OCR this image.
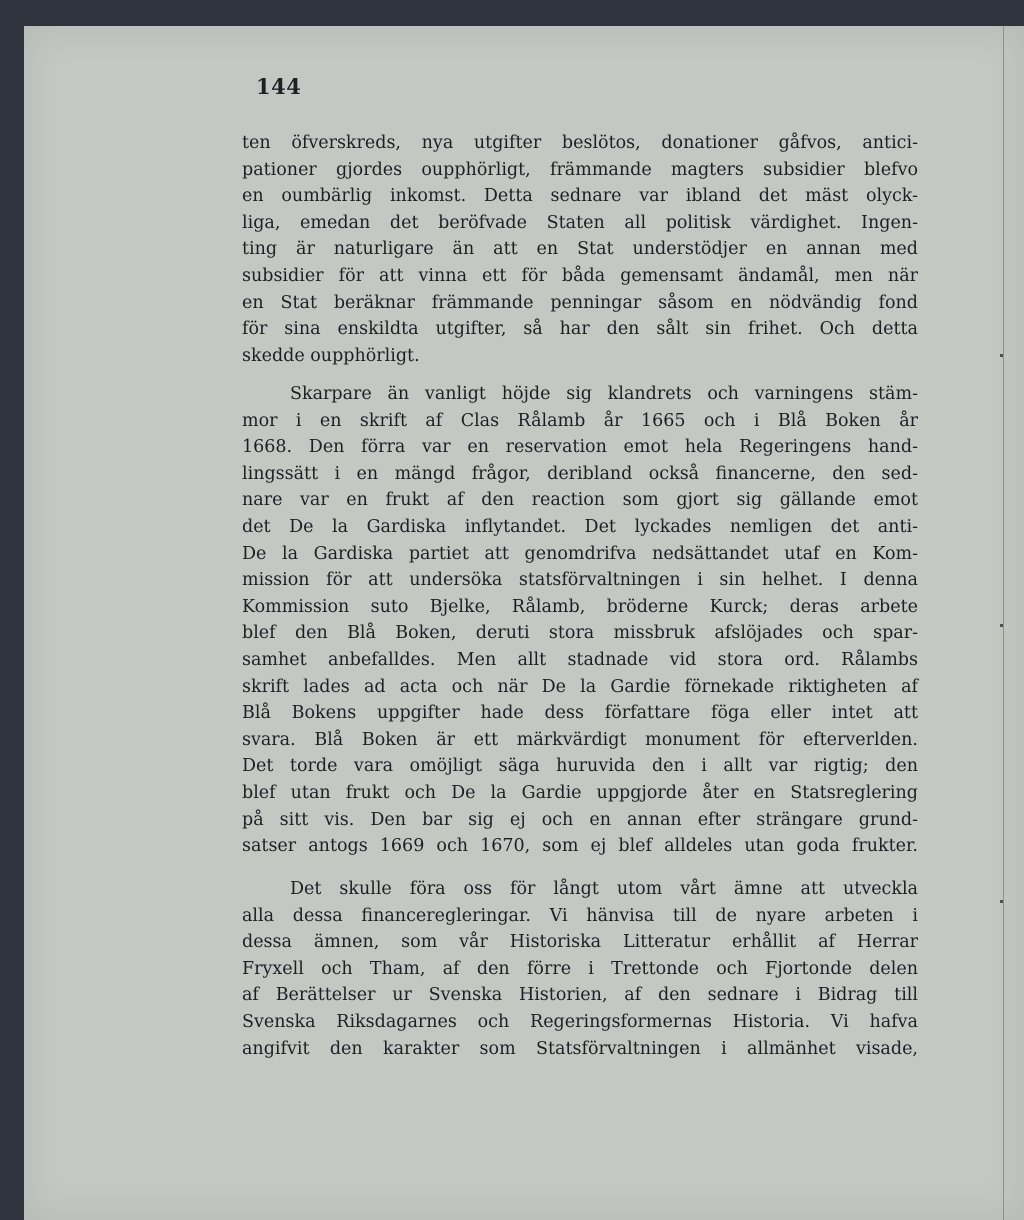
144
ten öfverskreds, nya utgifter beslötos, donationer gåfvos, antici-
pationer gjordes oupphörligt, främmande magters subsidier blefvo
en oumbärlig inkomst. Detta sednare var ibland det mäst olyck-
liga, emedan det beröfvade Staten all politisk värdighet. Ingen-
ting är naturligare än att en Stat understödjer en annan med
subsidier för att vinna ett för båda gemensamt ändamål, men när
en Stat beräknar främmande penningar såsom en nödvändig fond
för sina enskildta utgifter, så har den sålt sin frihet. Och detta
skedde oupphörligt.
Skarpare än vanligt höjde sig klandrets och varningens stäm-
mor i en skrift af Clas Rålamb år 1665 och i Blå Boken år
1668. Den förra var en reservation emot hela Regeringens hand-
lingssätt i en mängd frågor, deribland också financerne, den sed-
nare var en frukt af den reaction som gjort sig gällande emot
det De la Gardiska inflytandet. Det lyckades nemligen det anti-
De la Gardiska partiet att genomdrifva nedsättandet utaf en Kom-
mission för att undersöka statsförvaltningen i sin helhet. I denna
Kommission suto Bjelke, Rålamb, bröderne Kurck; deras arbete
blef den Blå Boken, deruti stora missbruk afslöjades och spar-
samhet anbefalldes. Men allt stadnade vid stora ord. Rålambs
skrift lades ad acta och när De la Gardie förnekade riktigheten af
Blå Bokens uppgifter hade dess författare föga eller intet att
svara. Blå Boken är ett märkvärdigt monument för efterverlden.
Det torde vara omöjligt säga huruvida den i allt var rigtig; den
blef utan frukt och De la Gardie uppgjorde åter en Statsreglering
på sitt vis. Den bar sig ej och en annan efter strängare grund-
satser antogs 1669 och 1670, som ej blef alldeles utan goda frukter.
Det skulle föra oss för långt utom vårt ämne att utveckla
alla dessa financeregleringar. Vi hänvisa till de nyare arbeten i
dessa ämnen, som vår Historiska Litteratur erhållit af Herrar
Fryxell och Tham, af den förre i Trettonde och Fjortonde delen
af Berättelser ur Svenska Historien, af den sednare i Bidrag till
Svenska Riksdagarnes och Regeringsformernas Historia. Vi hafva
angifvit den karakter som Statsförvaltningen i allmänhet visade,
